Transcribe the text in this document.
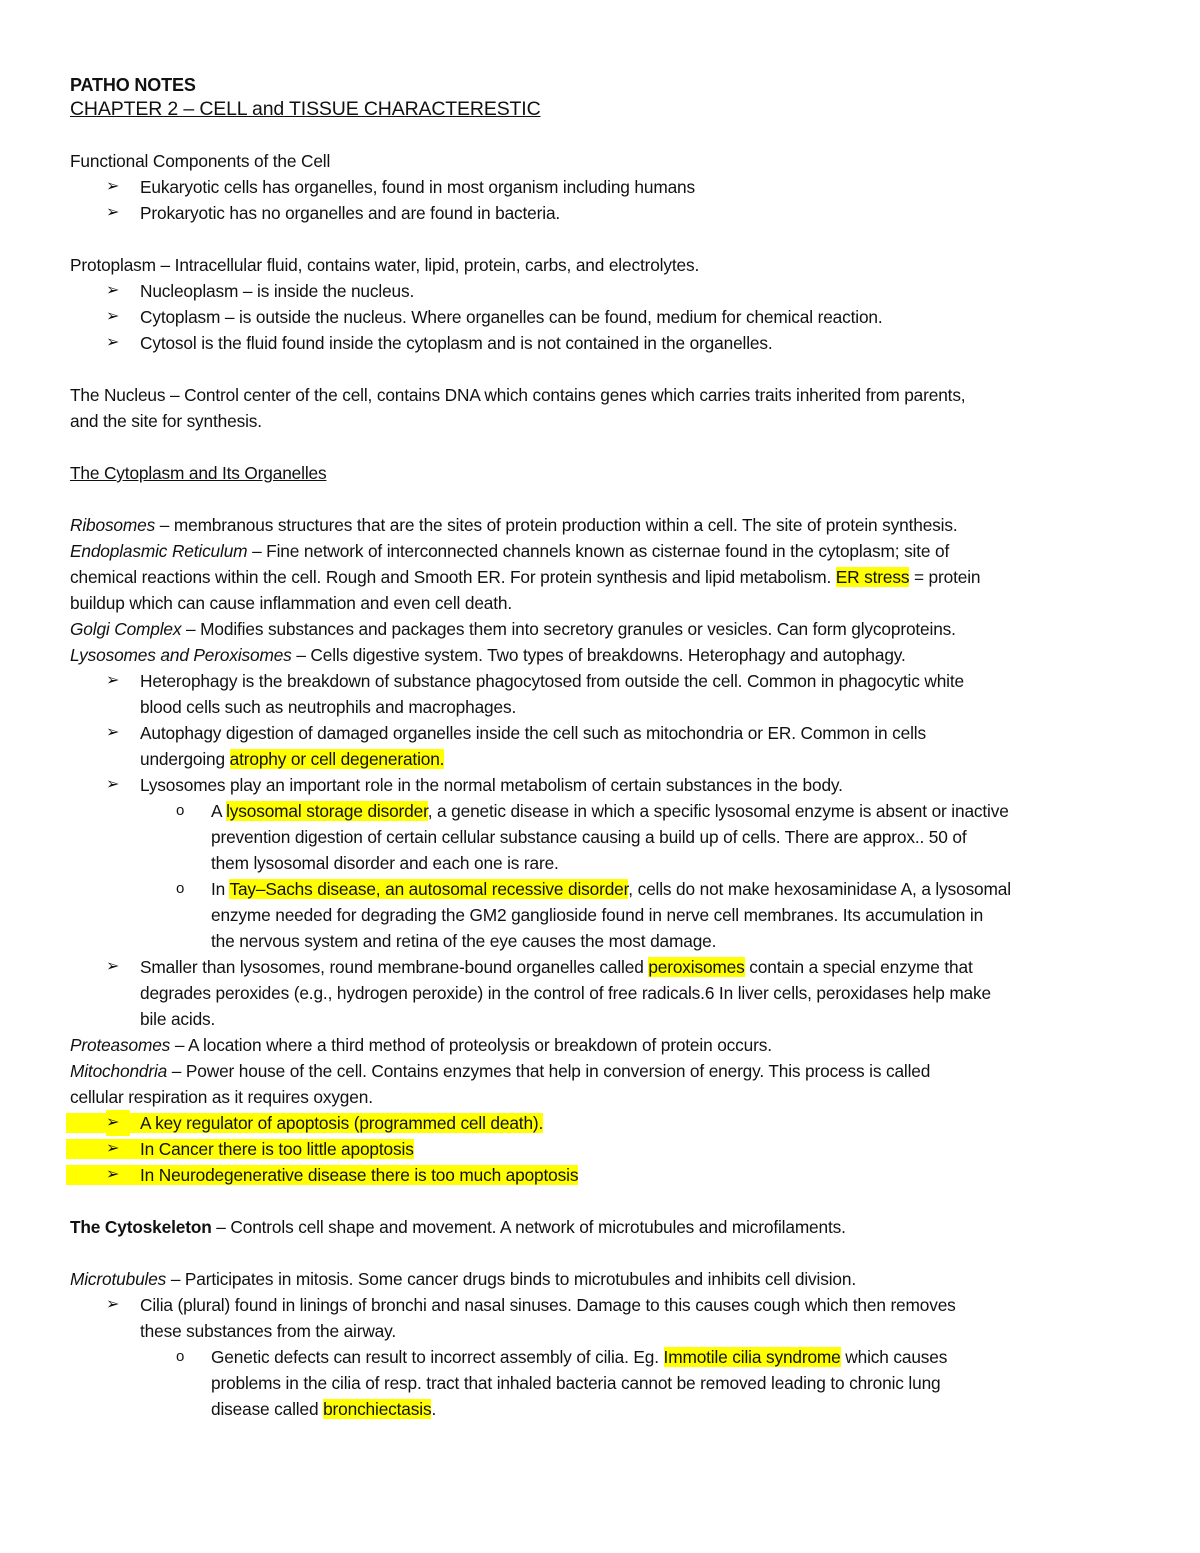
PATHO NOTES

CHAPTER 2 – CELL and TISSUE CHARACTERESTIC

Functional Components of the Cell

➢	Eukaryotic cells has organelles, found in most organism including humans

➢	Prokaryotic has no organelles and are found in bacteria.

Protoplasm – Intracellular fluid, contains water, lipid, protein, carbs, and electrolytes.

➢	Nucleoplasm – is inside the nucleus.

➢	Cytoplasm – is outside the nucleus. Where organelles can be found, medium for chemical reaction.

➢	Cytosol is the fluid found inside the cytoplasm and is not contained in the organelles.

The Nucleus – Control center of the cell, contains DNA which contains genes which carries traits inherited from parents,

and the site for synthesis.

The Cytoplasm and Its Organelles

Ribosomes – membranous structures that are the sites of protein production within a cell. The site of protein synthesis.

Endoplasmic Reticulum – Fine network of interconnected channels known as cisternae found in the cytoplasm; site of

chemical reactions within the cell. Rough and Smooth ER. For protein synthesis and lipid metabolism. ER stress = protein

buildup which can cause inflammation and even cell death.

Golgi Complex – Modifies substances and packages them into secretory granules or vesicles. Can form glycoproteins.

Lysosomes and Peroxisomes – Cells digestive system. Two types of breakdowns. Heterophagy and autophagy.

➢	Heterophagy is the breakdown of substance phagocytosed from outside the cell. Common in phagocytic white

blood cells such as neutrophils and macrophages.

➢	Autophagy digestion of damaged organelles inside the cell such as mitochondria or ER. Common in cells

undergoing atrophy or cell degeneration.

➢	Lysosomes play an important role in the normal metabolism of certain substances in the body.

o	A lysosomal storage disorder, a genetic disease in which a specific lysosomal enzyme is absent or inactive

prevention digestion of certain cellular substance causing a build up of cells. There are approx.. 50 of

them lysosomal disorder and each one is rare.

o	In Tay–Sachs disease, an autosomal recessive disorder, cells do not make hexosaminidase A, a lysosomal

enzyme needed for degrading the GM2 ganglioside found in nerve cell membranes. Its accumulation in

the nervous system and retina of the eye causes the most damage.

➢	Smaller than lysosomes, round membrane-bound organelles called peroxisomes contain a special enzyme that

degrades peroxides (e.g., hydrogen peroxide) in the control of free radicals.6 In liver cells, peroxidases help make

bile acids.

Proteasomes – A location where a third method of proteolysis or breakdown of protein occurs.

Mitochondria – Power house of the cell. Contains enzymes that help in conversion of energy. This process is called

cellular respiration as it requires oxygen.

➢	A key regulator of apoptosis (programmed cell death).

➢	In Cancer there is too little apoptosis

➢	In Neurodegenerative disease there is too much apoptosis

The Cytoskeleton – Controls cell shape and movement. A network of microtubules and microfilaments.

Microtubules – Participates in mitosis. Some cancer drugs binds to microtubules and inhibits cell division.

➢	Cilia (plural) found in linings of bronchi and nasal sinuses. Damage to this causes cough which then removes

these substances from the airway.

o	Genetic defects can result to incorrect assembly of cilia. Eg. Immotile cilia syndrome which causes

problems in the cilia of resp. tract that inhaled bacteria cannot be removed leading to chronic lung

disease called bronchiectasis.
